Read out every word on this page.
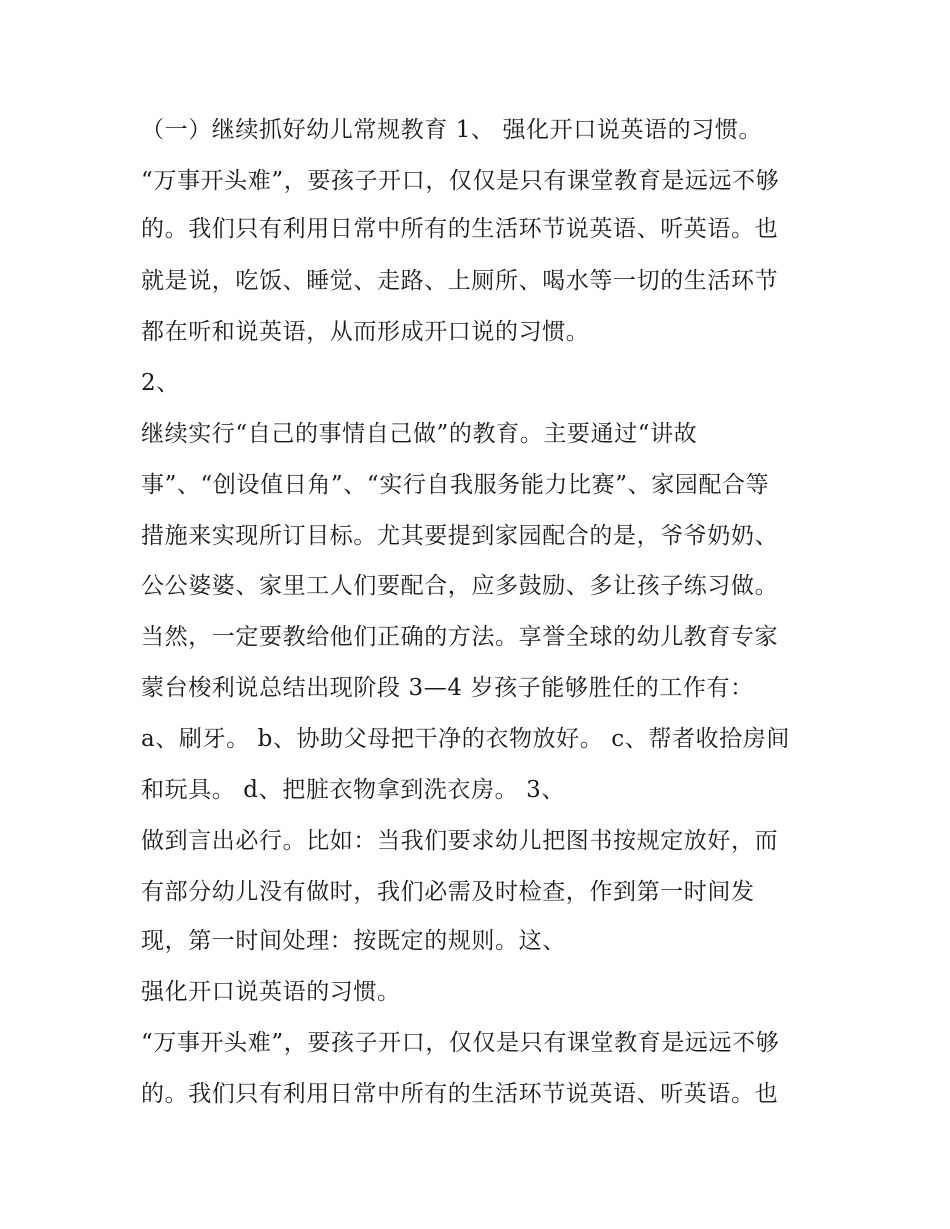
（一）继续抓好幼儿常规教育 1、 强化开口说英语的习惯。

“万事开头难”，要孩子开口，仅仅是只有课堂教育是远远不够

的。我们只有利用日常中所有的生活环节说英语、听英语。也

就是说，吃饭、睡觉、走路、上厕所、喝水等一切的生活环节

都在听和说英语，从而形成开口说的习惯。

2、

继续实行“自己的事情自己做”的教育。主要通过“讲故

事”、“创设值日角”、“实行自我服务能力比赛”、家园配合等

措施来实现所订目标。尤其要提到家园配合的是，爷爷奶奶、

公公婆婆、家里工人们要配合，应多鼓励、多让孩子练习做。

当然，一定要教给他们正确的方法。享誉全球的幼儿教育专家

蒙台梭利说总结出现阶段 3—4 岁孩子能够胜任的工作有：

a、刷牙。 b、协助父母把干净的衣物放好。 c、帮者收拾房间

和玩具。 d、把脏衣物拿到洗衣房。 3、

做到言出必行。比如：当我们要求幼儿把图书按规定放好，而

有部分幼儿没有做时，我们必需及时检查，作到第一时间发

现，第一时间处理：按既定的规则。这、

强化开口说英语的习惯。

“万事开头难”，要孩子开口，仅仅是只有课堂教育是远远不够

的。我们只有利用日常中所有的生活环节说英语、听英语。也
